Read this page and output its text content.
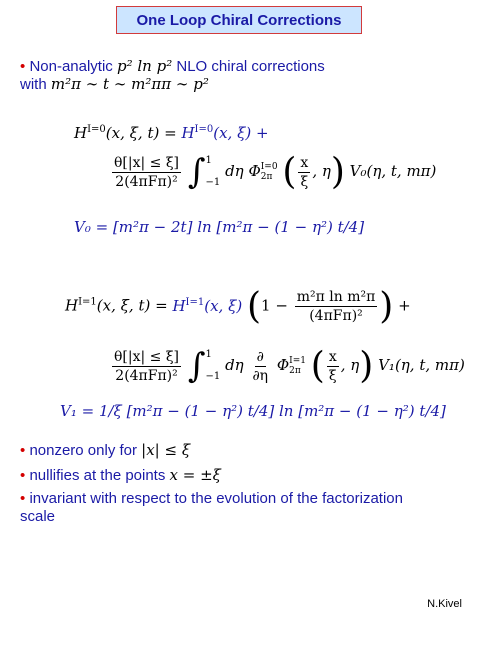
One Loop Chiral Corrections
• Non-analytic p² ln p² NLO chiral corrections
with m²π ∼ t ∼ m²ππ ∼ p²
$H^{I=0}(x$, ξ, $t) = H^{I=0}(x$, ξ) +
$\frac{\theta[|x| \le \xi]}{\text{2(4πFπ)²}}$ ∫ 1
−1
dη Φ I=0
2π ( $\frac{x}{\xi}$ , η) V₀(η, t, mπ)
V₀ = [m²π − 2t] ln [m²π − (1 − η²) t/4]
$H^{I=1}(x$, ξ, $t) = H^{I=1}(x$, ξ) ($1 - \frac{\text{m²π ln m²π}}{\text{(4πFπ)²}}$ ) +
$\frac{\theta[|x| \le \xi]}{\text{2(4πFπ)²}}$ ∫ 1
−1
dη $\frac{\partial}{\partial\eta}$ Φ I=1
2π ( $\frac{x}{\xi}$ , η) V₁(η, t, mπ)
V₁ = 1/ξ [m²π − (1 − η²) t/4] ln [m²π − (1 − η²) t/4]
• nonzero only for |x| ≤ ξ
• nullifies at the points x = ±ξ
• invariant with respect to the evolution of the factorization
scale
N.Kivel
